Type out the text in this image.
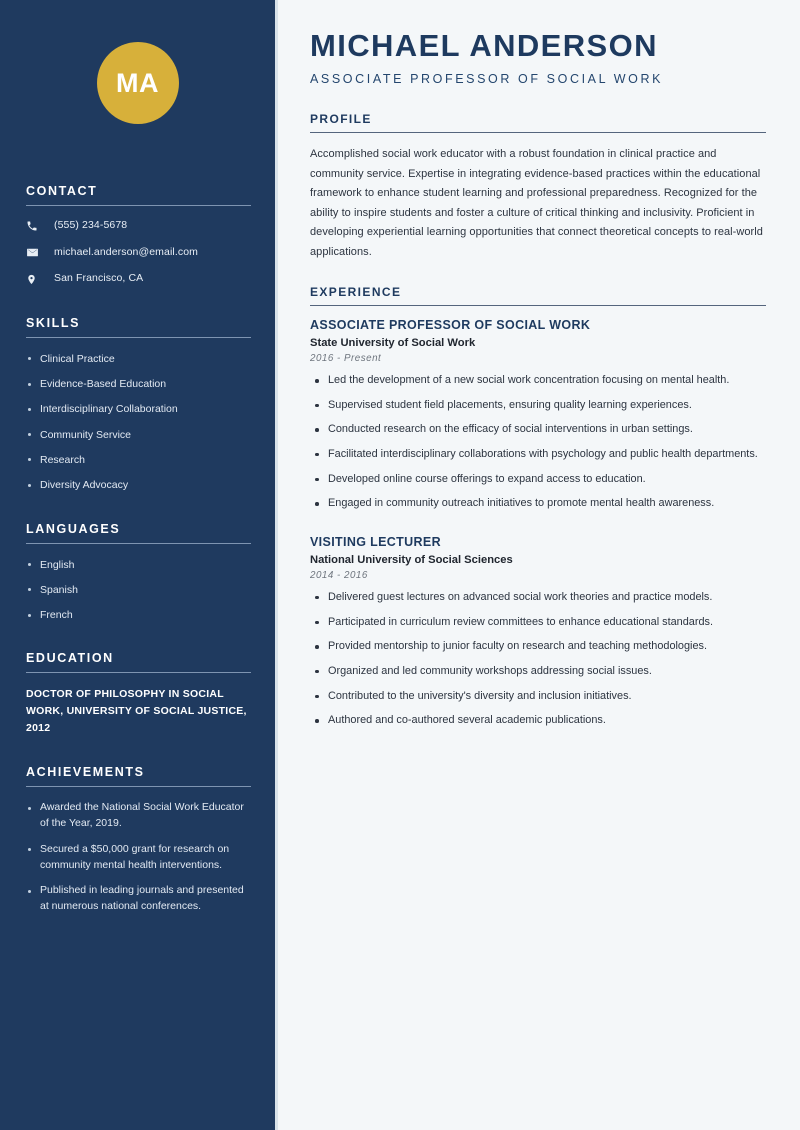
MA
CONTACT
(555) 234-5678
michael.anderson@email.com
San Francisco, CA
SKILLS
Clinical Practice
Evidence-Based Education
Interdisciplinary Collaboration
Community Service
Research
Diversity Advocacy
LANGUAGES
English
Spanish
French
EDUCATION
DOCTOR OF PHILOSOPHY IN SOCIAL WORK, UNIVERSITY OF SOCIAL JUSTICE, 2012
ACHIEVEMENTS
Awarded the National Social Work Educator of the Year, 2019.
Secured a $50,000 grant for research on community mental health interventions.
Published in leading journals and presented at numerous national conferences.
MICHAEL ANDERSON
ASSOCIATE PROFESSOR OF SOCIAL WORK
PROFILE

Accomplished social work educator with a robust foundation in clinical practice and community service. Expertise in integrating evidence-based practices within the educational framework to enhance student learning and professional preparedness. Recognized for the ability to inspire students and foster a culture of critical thinking and inclusivity. Proficient in developing experiential learning opportunities that connect theoretical concepts to real-world applications.

EXPERIENCE
ASSOCIATE PROFESSOR OF SOCIAL WORK
State University of Social Work
2016 - Present
Led the development of a new social work concentration focusing on mental health.
Supervised student field placements, ensuring quality learning experiences.
Conducted research on the efficacy of social interventions in urban settings.
Facilitated interdisciplinary collaborations with psychology and public health departments.
Developed online course offerings to expand access to education.
Engaged in community outreach initiatives to promote mental health awareness.
VISITING LECTURER
National University of Social Sciences
2014 - 2016
Delivered guest lectures on advanced social work theories and practice models.
Participated in curriculum review committees to enhance educational standards.
Provided mentorship to junior faculty on research and teaching methodologies.
Organized and led community workshops addressing social issues.
Contributed to the university's diversity and inclusion initiatives.
Authored and co-authored several academic publications.
